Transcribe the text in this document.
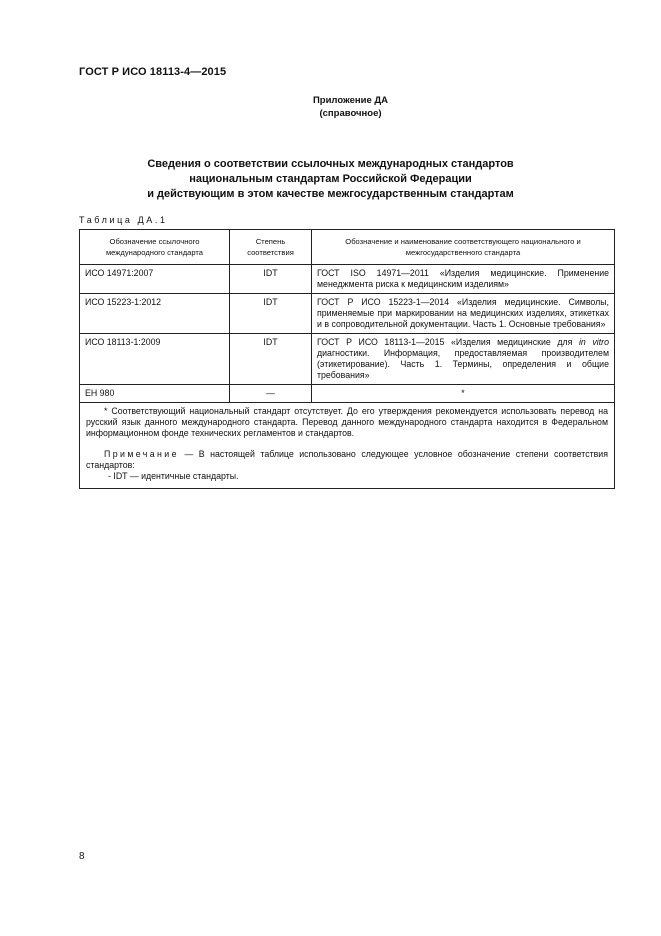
ГОСТ Р ИСО 18113-4—2015
Приложение ДА
(справочное)
Сведения о соответствии ссылочных международных стандартов
национальным стандартам Российской Федерации
и действующим в этом качестве межгосударственным стандартам
Таблица ДА.1
Обозначение ссылочного международного стандарта	Степень соответствия	Обозначение и наименование соответствующего национального и межгосударственного стандарта
ИСО 14971:2007	IDT	ГОСТ ISO 14971—2011 «Изделия медицинские. Применение менеджмента риска к медицинским изделиям»
ИСО 15223-1:2012	IDT	ГОСТ Р ИСО 15223-1—2014 «Изделия медицинские. Символы, применяемые при маркировании на медицинских изделиях, этикетках и в сопроводительной документации. Часть 1. Основные требования»
ИСО 18113-1:2009	IDT	ГОСТ Р ИСО 18113-1—2015 «Изделия медицинские для in vitro диагностики. Информация, предоставляемая производителем (этикетирование). Часть 1. Термины, определения и общие требования»
ЕН 980	—	*

* Соответствующий национальный стандарт отсутствует. До его утверждения рекомендуется использовать перевод на русский язык данного международного стандарта. Перевод данного международного стандарта находится в Федеральном информационном фонде технических регламентов и стандартов.

Примечание — В настоящей таблице использовано следующее условное обозначение степени соответствия стандартов:

- IDT — идентичные стандарты.		

8
